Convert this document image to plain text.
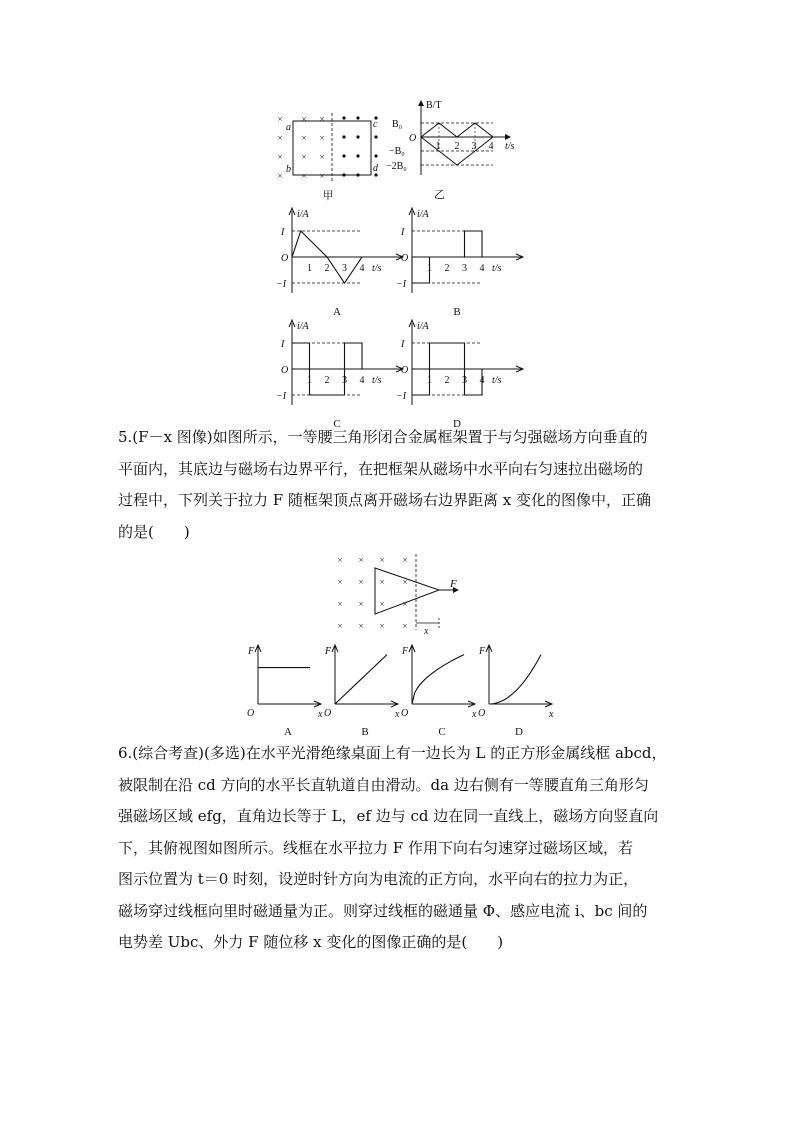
×
×
×
×
×
×
×
×
×
×
×
×
a	c
b	d
甲
B/T
t/s
O
B₀
−B₀
−2B₀
1 2 3 4
乙
i/A
t/s
O
I
−I
1 2 3 4
A
i/A
t/s
O
I
−I
1 2 3 4
B
i/A
t/s
O
I
−I
1 2 3 4
C
i/A
t/s
O
I
−I
1 2 3 4
D

5.(F－x 图像)如图所示，一等腰三角形闭合金属框架置于与匀强磁场方向垂直的
平面内，其底边与磁场右边界平行，在把框架从磁场中水平向右匀速拉出磁场的
过程中，下列关于拉力 F 随框架顶点离开磁场右边界距离 x 变化的图像中，正确
的是(　　)

×
×
×
×
×
×
×
×
×
×
×
×
×
×
×
×
F
x
F
x
O
A
F
x
O
B
F
x
O
C
F
x
O
D

6.(综合考查)(多选)在水平光滑绝缘桌面上有一边长为 L 的正方形金属线框 abcd，
被限制在沿 cd 方向的水平长直轨道自由滑动。da 边右侧有一等腰直角三角形匀
强磁场区域 efg，直角边长等于 L，ef 边与 cd 边在同一直线上，磁场方向竖直向
下，其俯视图如图所示。线框在水平拉力 F 作用下向右匀速穿过磁场区域，若
图示位置为 t＝0 时刻，设逆时针方向为电流的正方向，水平向右的拉力为正，
磁场穿过线框向里时磁通量为正。则穿过线框的磁通量 Φ、感应电流 i、bc 间的
电势差 Ubc、外力 F 随位移 x 变化的图像正确的是(　　)
